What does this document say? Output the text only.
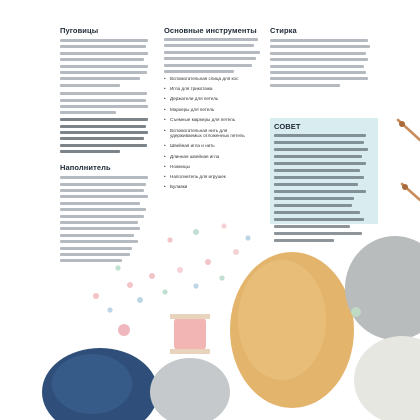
Пуговицы
Наполнитель
Основные инструменты
• Вспомогательная спица для кос
• Игла для трикотажа
• Держатели для петель
• Маркеры для петель
• Съемные маркеры для петель
• Вспомогательная нить для удерживаемых отложенных петель
• Швейная игла и нить
• Длинная швейная игла
• Ножницы
• Наполнитель для игрушек
• Булавки
Стирка
СОВЕТ
